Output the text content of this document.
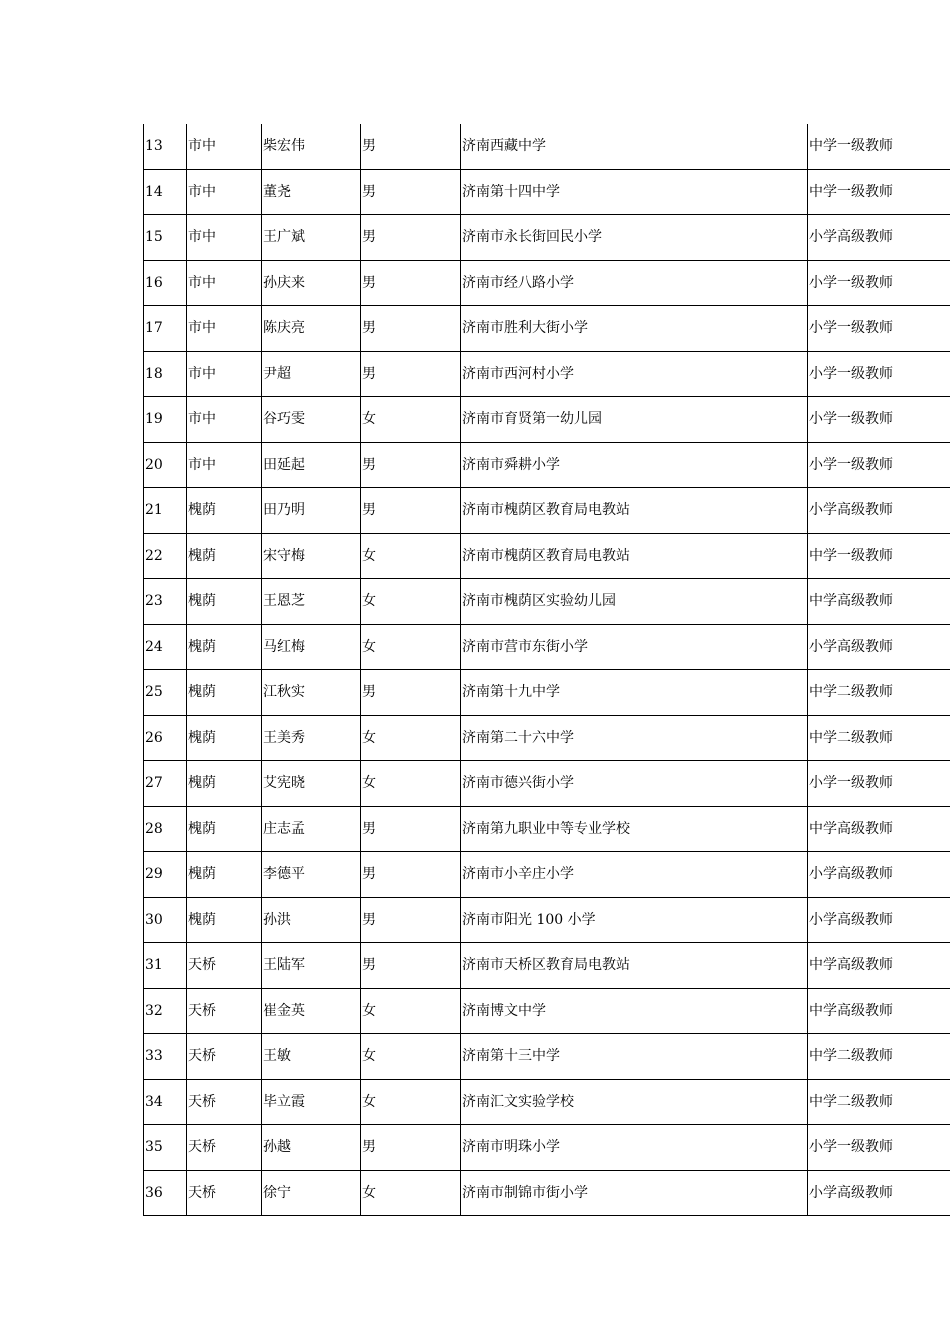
13	市中	柴宏伟	男	济南西藏中学	中学一级教师
14	市中	董尧	男	济南第十四中学	中学一级教师
15	市中	王广斌	男	济南市永长街回民小学	小学高级教师
16	市中	孙庆来	男	济南市经八路小学	小学一级教师
17	市中	陈庆亮	男	济南市胜利大街小学	小学一级教师
18	市中	尹超	男	济南市西河村小学	小学一级教师
19	市中	谷巧雯	女	济南市育贤第一幼儿园	小学一级教师
20	市中	田延起	男	济南市舜耕小学	小学一级教师
21	槐荫	田乃明	男	济南市槐荫区教育局电教站	小学高级教师
22	槐荫	宋守梅	女	济南市槐荫区教育局电教站	中学一级教师
23	槐荫	王恩芝	女	济南市槐荫区实验幼儿园	中学高级教师
24	槐荫	马红梅	女	济南市营市东街小学	小学高级教师
25	槐荫	江秋实	男	济南第十九中学	中学二级教师
26	槐荫	王美秀	女	济南第二十六中学	中学二级教师
27	槐荫	艾宪晓	女	济南市德兴街小学	小学一级教师
28	槐荫	庄志孟	男	济南第九职业中等专业学校	中学高级教师
29	槐荫	李德平	男	济南市小辛庄小学	小学高级教师
30	槐荫	孙洪	男	济南市阳光 100 小学	小学高级教师
31	天桥	王陆军	男	济南市天桥区教育局电教站	中学高级教师
32	天桥	崔金英	女	济南博文中学	中学高级教师
33	天桥	王敏	女	济南第十三中学	中学二级教师
34	天桥	毕立霞	女	济南汇文实验学校	中学二级教师
35	天桥	孙越	男	济南市明珠小学	小学一级教师
36	天桥	徐宁	女	济南市制锦市街小学	小学高级教师
